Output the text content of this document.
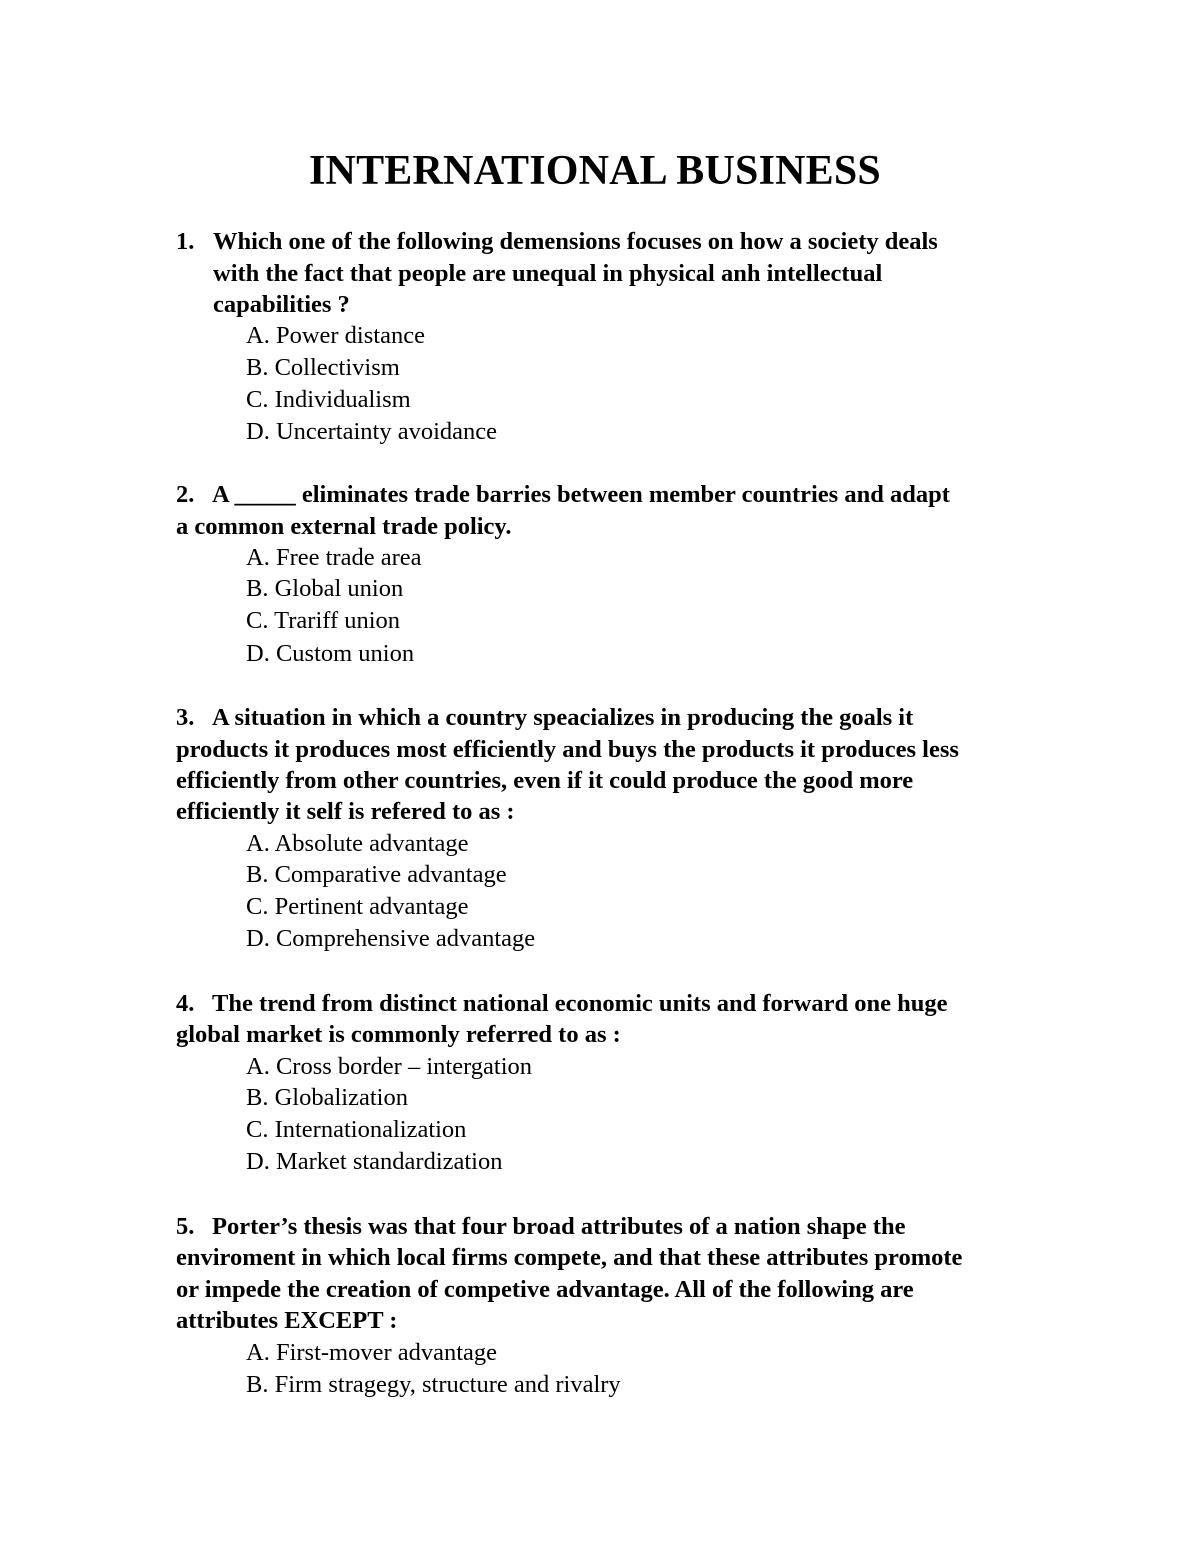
INTERNATIONAL BUSINESS
1. Which one of the following demensions focuses on how a society deals
with the fact that people are unequal in physical anh intellectual
capabilities ?
A. Power distance
B. Collectivism
C. Individualism
D. Uncertainty avoidance
2. A _____ eliminates trade barries between member countries and adapt
a common external trade policy.
A. Free trade area
B. Global union
C. Trariff union
D. Custom union
3. A situation in which a country speacializes in producing the goals it
products it produces most efficiently and buys the products it produces less
efficiently from other countries, even if it could produce the good more
efficiently it self is refered to as :
A. Absolute advantage
B. Comparative advantage
C. Pertinent advantage
D. Comprehensive advantage
4. The trend from distinct national economic units and forward one huge
global market is commonly referred to as :
A. Cross border – intergation
B. Globalization
C. Internationalization
D. Market standardization
5. Porter’s thesis was that four broad attributes of a nation shape the
enviroment in which local firms compete, and that these attributes promote
or impede the creation of competive advantage. All of the following are
attributes EXCEPT :
A. First-mover advantage
B. Firm stragegy, structure and rivalry
